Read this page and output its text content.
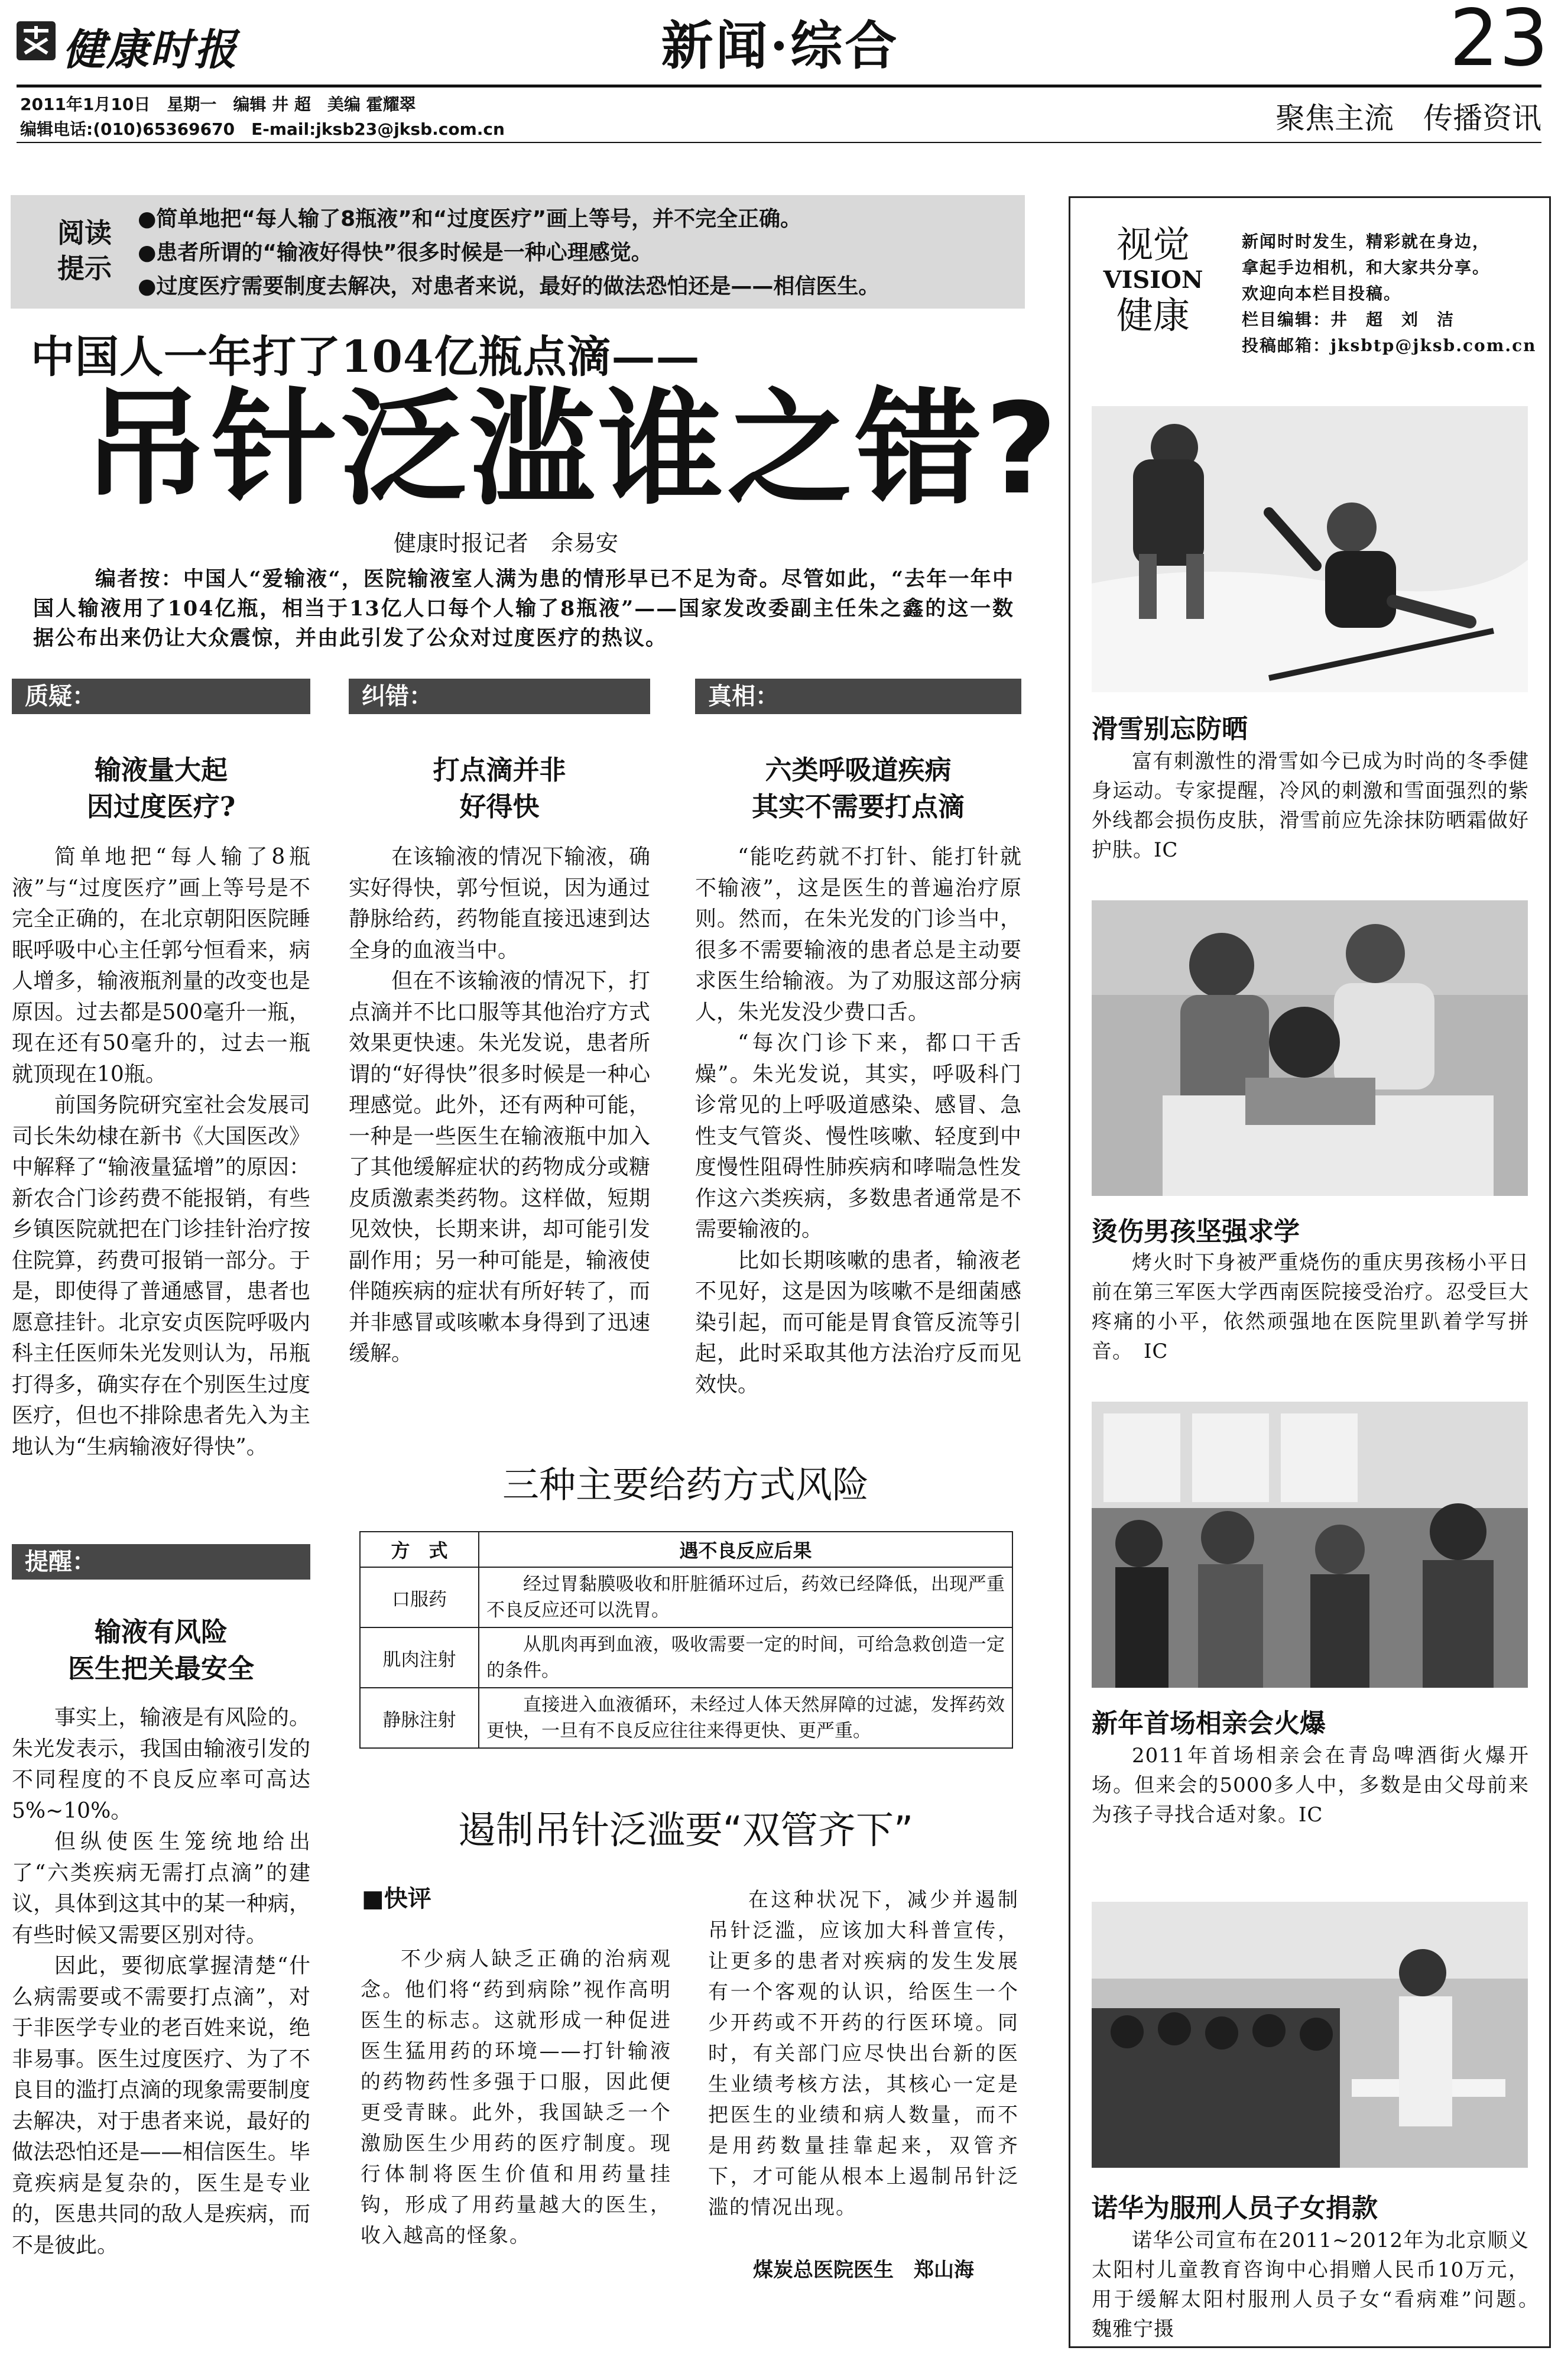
健康时报	新闻·综合	23
2011年1月10日　星期一　编辑 井 超　美编 霍耀翠
编辑电话:(010)65369670　E-mail:jksb23@jksb.com.cn	聚焦主流　传播资讯
阅读
提示
●简单地把“每人输了8瓶液”和“过度医疗”画上等号，并不完全正确。
●患者所谓的“输液好得快”很多时候是一种心理感觉。
●过度医疗需要制度去解决，对患者来说，最好的做法恐怕还是——相信医生。
中国人一年打了104亿瓶点滴——
吊针泛滥谁之错?
健康时报记者　余易安
编者按：中国人“爱输液“，医院输液室人满为患的情形早已不足为奇。尽管如此，“去年一年中国人输液用了104亿瓶，相当于13亿人口每个人输了8瓶液”——国家发改委副主任朱之鑫的这一数据公布出来仍让大众震惊，并由此引发了公众对过度医疗的热议。
质疑：
输液量大起
因过度医疗?

简单地把“每人输了8瓶液”与“过度医疗”画上等号是不完全正确的，在北京朝阳医院睡眠呼吸中心主任郭兮恒看来，病人增多，输液瓶剂量的改变也是原因。过去都是500毫升一瓶，现在还有50毫升的，过去一瓶就顶现在10瓶。

前国务院研究室社会发展司司长朱幼棣在新书《大国医改》中解释了“输液量猛增”的原因：新农合门诊药费不能报销，有些乡镇医院就把在门诊挂针治疗按住院算，药费可报销一部分。于是，即使得了普通感冒，患者也愿意挂针。北京安贞医院呼吸内科主任医师朱光发则认为，吊瓶打得多，确实存在个别医生过度医疗，但也不排除患者先入为主地认为“生病输液好得快”。

纠错：
打点滴并非
好得快

在该输液的情况下输液，确实好得快，郭兮恒说，因为通过静脉给药，药物能直接迅速到达全身的血液当中。

但在不该输液的情况下，打点滴并不比口服等其他治疗方式效果更快速。朱光发说，患者所谓的“好得快”很多时候是一种心理感觉。此外，还有两种可能，一种是一些医生在输液瓶中加入了其他缓解症状的药物成分或糖皮质激素类药物。这样做，短期见效快，长期来讲，却可能引发副作用；另一种可能是，输液使伴随疾病的症状有所好转了，而并非感冒或咳嗽本身得到了迅速缓解。

真相：
六类呼吸道疾病
其实不需要打点滴

“能吃药就不打针、能打针就不输液”，这是医生的普遍治疗原则。然而，在朱光发的门诊当中，很多不需要输液的患者总是主动要求医生给输液。为了劝服这部分病人，朱光发没少费口舌。

“每次门诊下来，都口干舌燥”。朱光发说，其实，呼吸科门诊常见的上呼吸道感染、感冒、急性支气管炎、慢性咳嗽、轻度到中度慢性阻碍性肺疾病和哮喘急性发作这六类疾病，多数患者通常是不需要输液的。

比如长期咳嗽的患者，输液老不见好，这是因为咳嗽不是细菌感染引起，而可能是胃食管反流等引起，此时采取其他方法治疗反而见效快。

提醒：
输液有风险
医生把关最安全

事实上，输液是有风险的。朱光发表示，我国由输液引发的不同程度的不良反应率可高达5%~10%。

但纵使医生笼统地给出了“六类疾病无需打点滴”的建议，具体到这其中的某一种病，有些时候又需要区别对待。

因此，要彻底掌握清楚“什么病需要或不需要打点滴”，对于非医学专业的老百姓来说，绝非易事。医生过度医疗、为了不良目的滥打点滴的现象需要制度去解决，对于患者来说，最好的做法恐怕还是——相信医生。毕竟疾病是复杂的，医生是专业的，医患共同的敌人是疾病，而不是彼此。

三种主要给药方式风险
方　式	遇不良反应后果
口服药	经过胃黏膜吸收和肝脏循环过后，药效已经降低，出现严重不良反应还可以洗胃。
肌肉注射	从肌肉再到血液，吸收需要一定的时间，可给急救创造一定的条件。
静脉注射	直接进入血液循环，未经过人体天然屏障的过滤，发挥药效更快，一旦有不良反应往往来得更快、更严重。
遏制吊针泛滥要“双管齐下”
■快评
不少病人缺乏正确的治病观念。他们将“药到病除”视作高明医生的标志。这就形成一种促进医生猛用药的环境——打针输液的药物药性多强于口服，因此便更受青睐。此外，我国缺乏一个激励医生少用药的医疗制度。现行体制将医生价值和用药量挂钩，形成了用药量越大的医生，收入越高的怪象。
在这种状况下，减少并遏制吊针泛滥，应该加大科普宣传，让更多的患者对疾病的发生发展有一个客观的认识，给医生一个少开药或不开药的行医环境。同时，有关部门应尽快出台新的医生业绩考核方法，其核心一定是把医生的业绩和病人数量，而不是用药数量挂靠起来，双管齐下，才可能从根本上遏制吊针泛滥的情况出现。
煤炭总医院医生　郑山海
视觉
VISION
健康
新闻时时发生，精彩就在身边，
拿起手边相机，和大家共分享。
欢迎向本栏目投稿。
栏目编辑：井　超　刘　洁
投稿邮箱：jksbtp@jksb.com.cn
滑雪别忘防晒

富有刺激性的滑雪如今已成为时尚的冬季健身运动。专家提醒，冷风的刺激和雪面强烈的紫外线都会损伤皮肤，滑雪前应先涂抹防晒霜做好护肤。IC

烫伤男孩坚强求学

烤火时下身被严重烧伤的重庆男孩杨小平日前在第三军医大学西南医院接受治疗。忍受巨大疼痛的小平，依然顽强地在医院里趴着学写拼音。　IC

新年首场相亲会火爆

2011年首场相亲会在青岛啤酒街火爆开场。但来会的5000多人中，多数是由父母前来为孩子寻找合适对象。IC

诺华为服刑人员子女捐款

诺华公司宣布在2011~2012年为北京顺义太阳村儿童教育咨询中心捐赠人民币10万元，用于缓解太阳村服刑人员子女“看病难”问题。　魏雅宁摄
